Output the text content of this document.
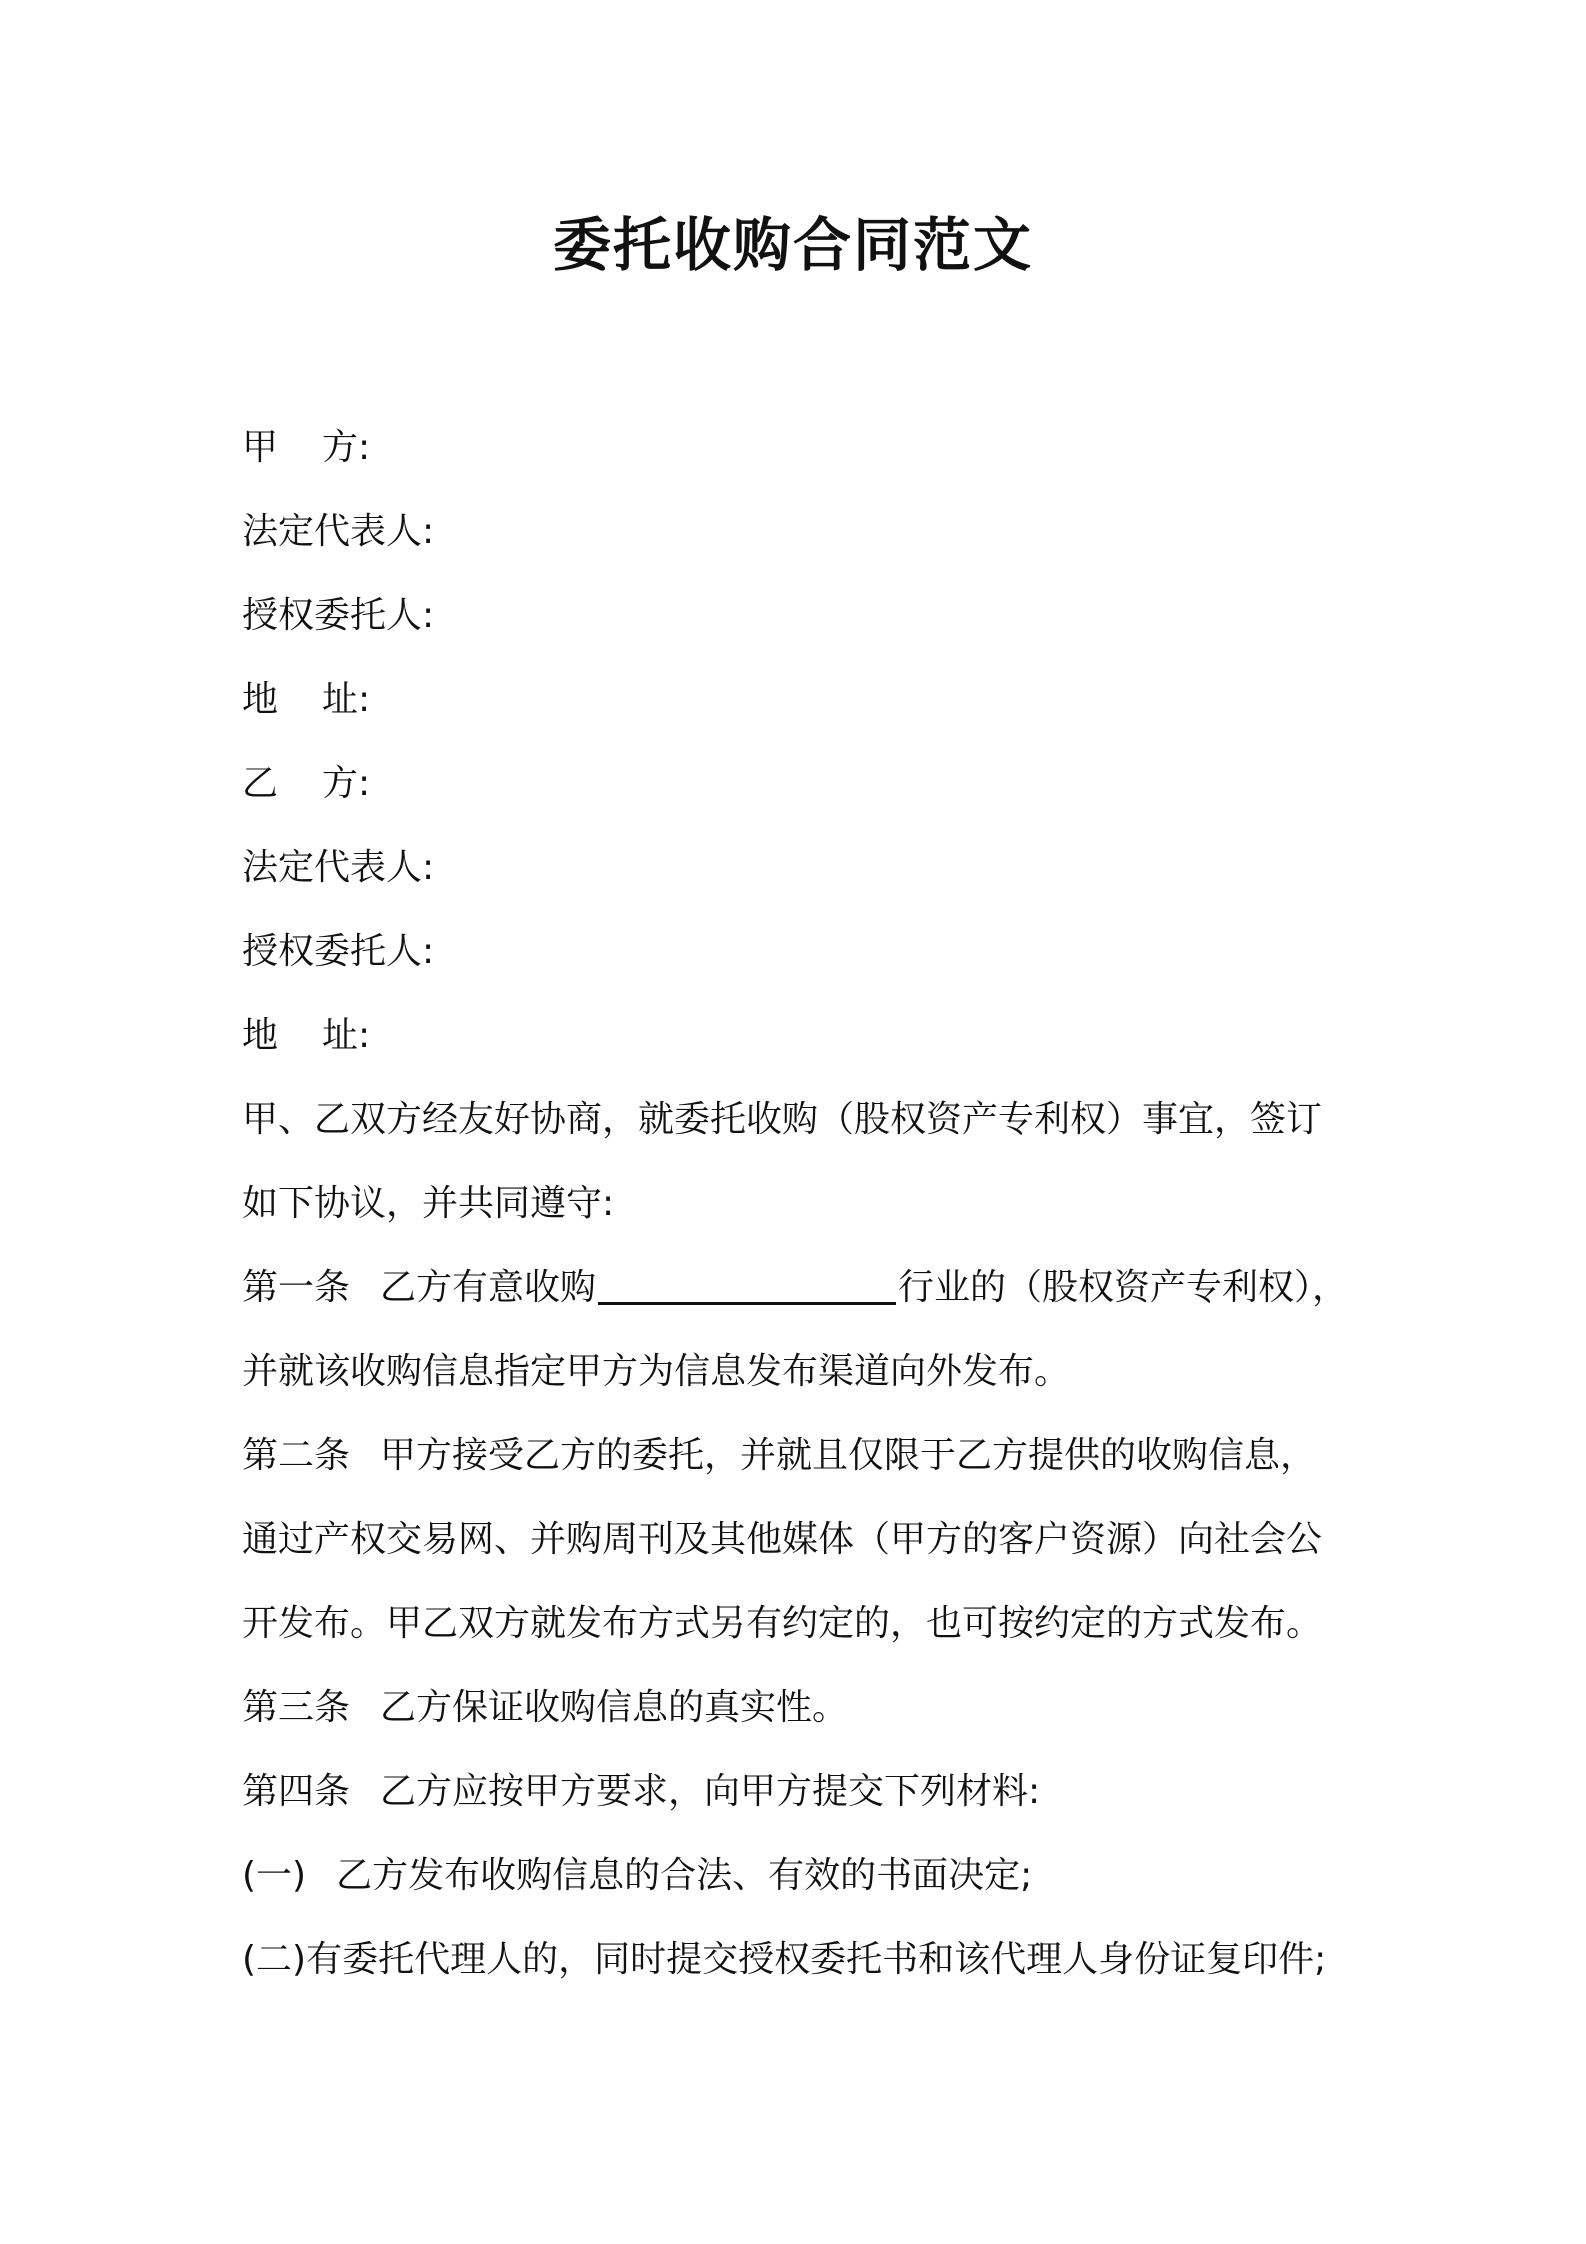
委托收购合同范文
甲 方:
法定代表人:
授权委托人:
地 址:
乙 方:
法定代表人:
授权委托人:
地 址:
甲、乙双方经友好协商，就委托收购（股权资产专利权）事宜，签订
如下协议，并共同遵守:
第一条 乙方有意收购	行业的（股权资产专利权），
并就该收购信息指定甲方为信息发布渠道向外发布。
第二条 甲方接受乙方的委托，并就且仅限于乙方提供的收购信息，
通过产权交易网、并购周刊及其他媒体（甲方的客户资源）向社会公
开发布。甲乙双方就发布方式另有约定的，也可按约定的方式发布。
第三条 乙方保证收购信息的真实性。
第四条 乙方应按甲方要求，向甲方提交下列材料:
(一) 乙方发布收购信息的合法、有效的书面决定;
(二)有委托代理人的，同时提交授权委托书和该代理人身份证复印件;
